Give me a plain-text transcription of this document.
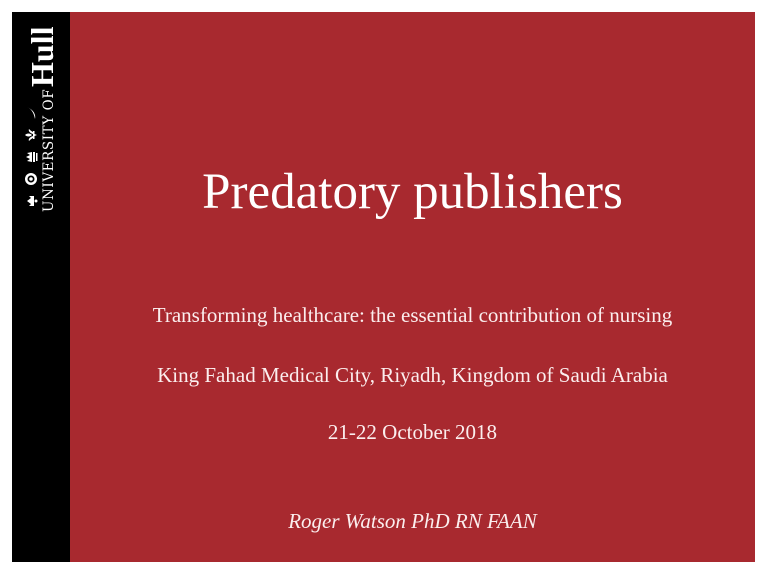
UNIVERSITY OF
Hull
Predatory publishers
Transforming healthcare: the essential contribution of nursing
King Fahad Medical City, Riyadh, Kingdom of Saudi Arabia
21-22 October 2018
Roger Watson PhD RN FAAN
